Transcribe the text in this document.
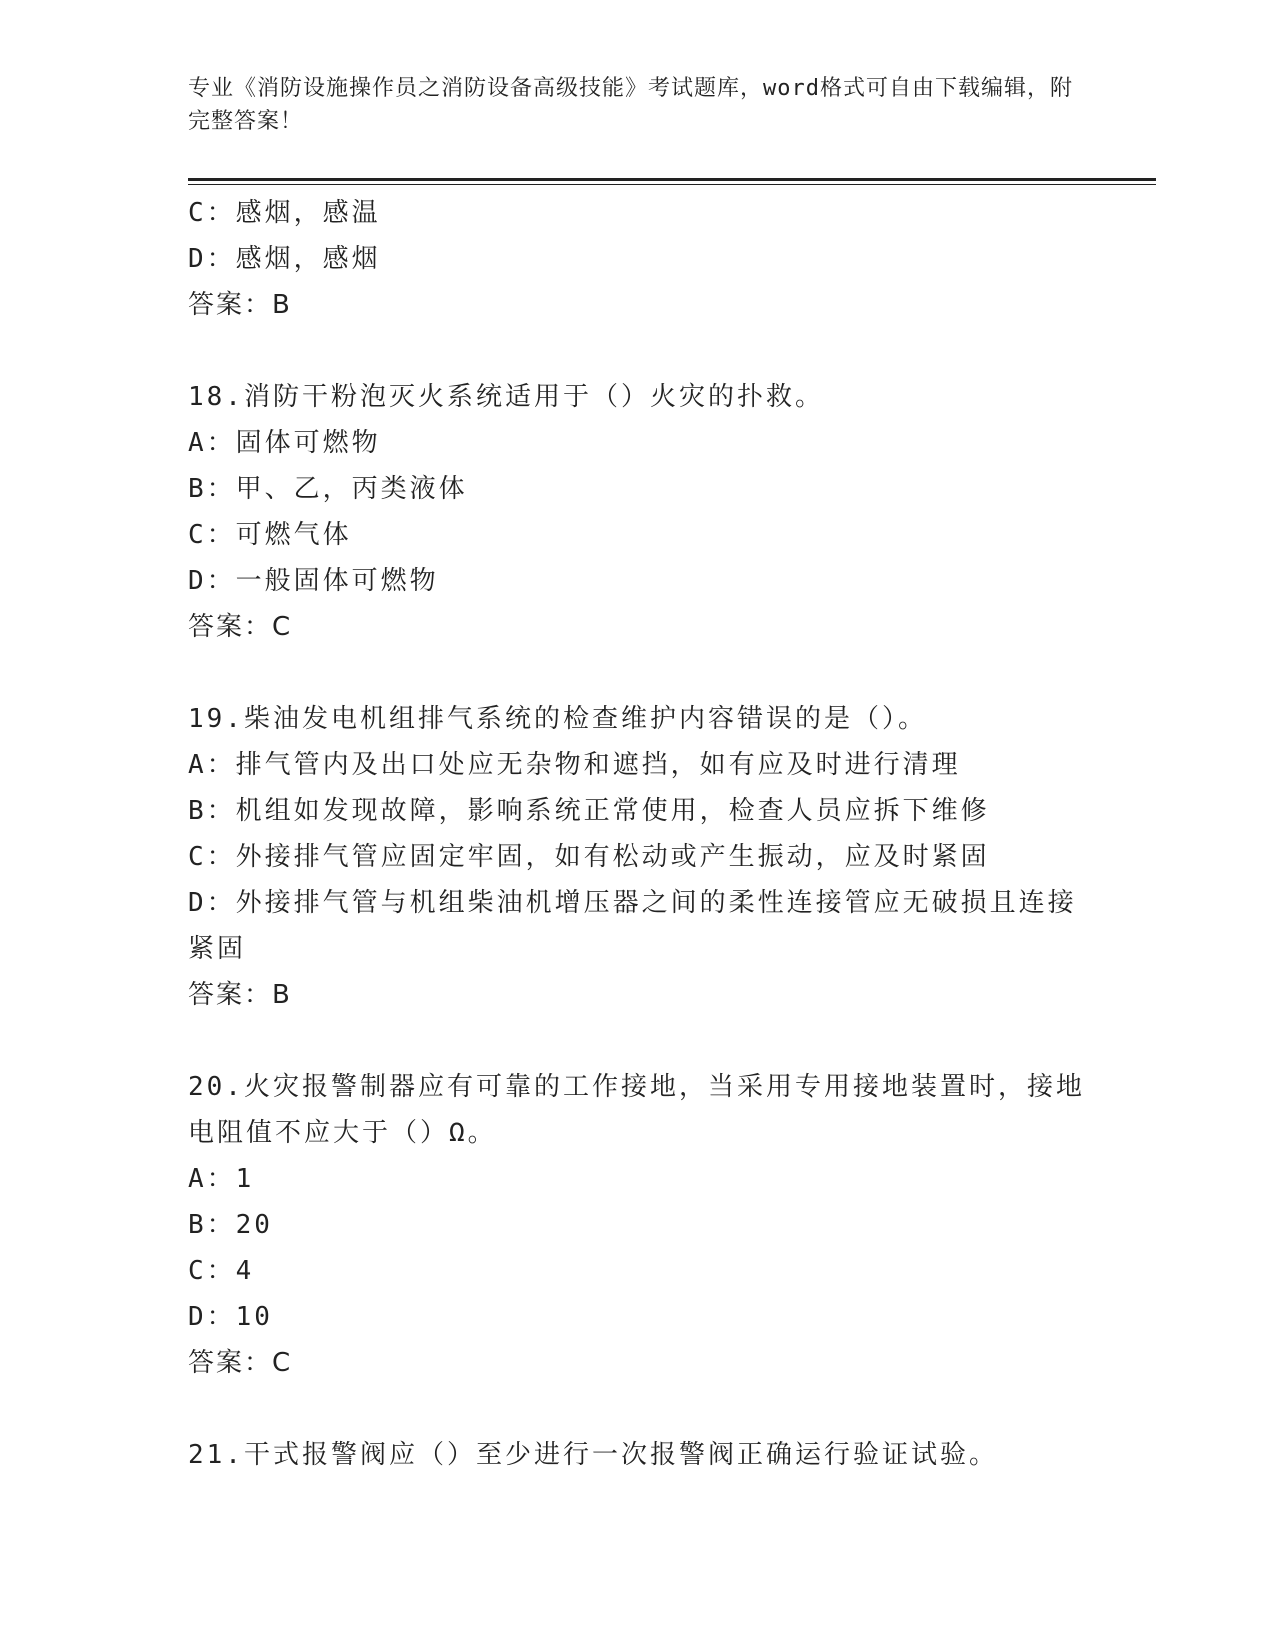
专业《消防设施操作员之消防设备高级技能》考试题库，word格式可自由下载编辑，附完整答案！
C：感烟，感温
D：感烟，感烟
答案：B
18.消防干粉泡灭火系统适用于（）火灾的扑救。
A：固体可燃物
B：甲、乙，丙类液体
C：可燃气体
D：一般固体可燃物
答案：C
19.柴油发电机组排气系统的检查维护内容错误的是（）。
A：排气管内及出口处应无杂物和遮挡，如有应及时进行清理
B：机组如发现故障，影响系统正常使用，检查人员应拆下维修
C：外接排气管应固定牢固，如有松动或产生振动，应及时紧固
D：外接排气管与机组柴油机增压器之间的柔性连接管应无破损且连接紧固
答案：B
20.火灾报警制器应有可靠的工作接地，当采用专用接地装置时，接地电阻值不应大于（）Ω。
A：1
B：20
C：4
D：10
答案：C
21.干式报警阀应（）至少进行一次报警阀正确运行验证试验。
